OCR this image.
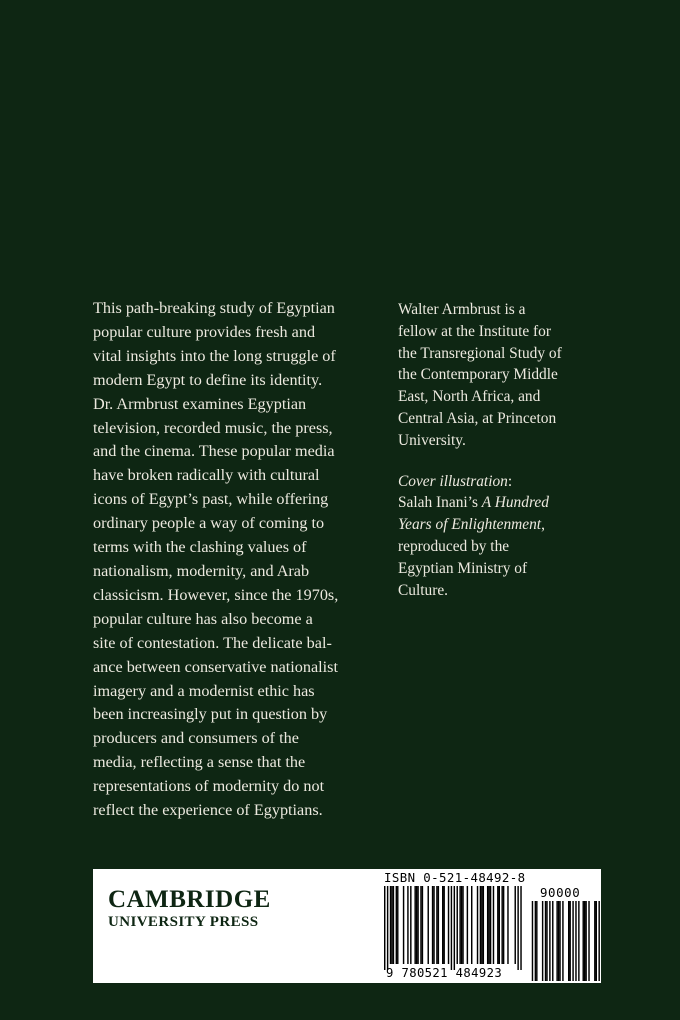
This path-breaking study of Egyptian
popular culture provides fresh and
vital insights into the long struggle of
modern Egypt to define its identity.
Dr. Armbrust examines Egyptian
television, recorded music, the press,
and the cinema. These popular media
have broken radically with cultural
icons of Egypt’s past, while offering
ordinary people a way of coming to
terms with the clashing values of
nationalism, modernity, and Arab
classicism. However, since the 1970s,
popular culture has also become a
site of contestation. The delicate bal-
ance between conservative nationalist
imagery and a modernist ethic has
been increasingly put in question by
producers and consumers of the
media, reflecting a sense that the
representations of modernity do not
reflect the experience of Egyptians.
Walter Armbrust is a
fellow at the Institute for
the Transregional Study of
the Contemporary Middle
East, North Africa, and
Central Asia, at Princeton
University.
Cover illustration:
Salah Inani’s A Hundred
Years of Enlightenment,
reproduced by the
Egyptian Ministry of
Culture.
CAMBRIDGE
UNIVERSITY PRESS
ISBN 0-521-48492-8
90000
9 780521 484923
